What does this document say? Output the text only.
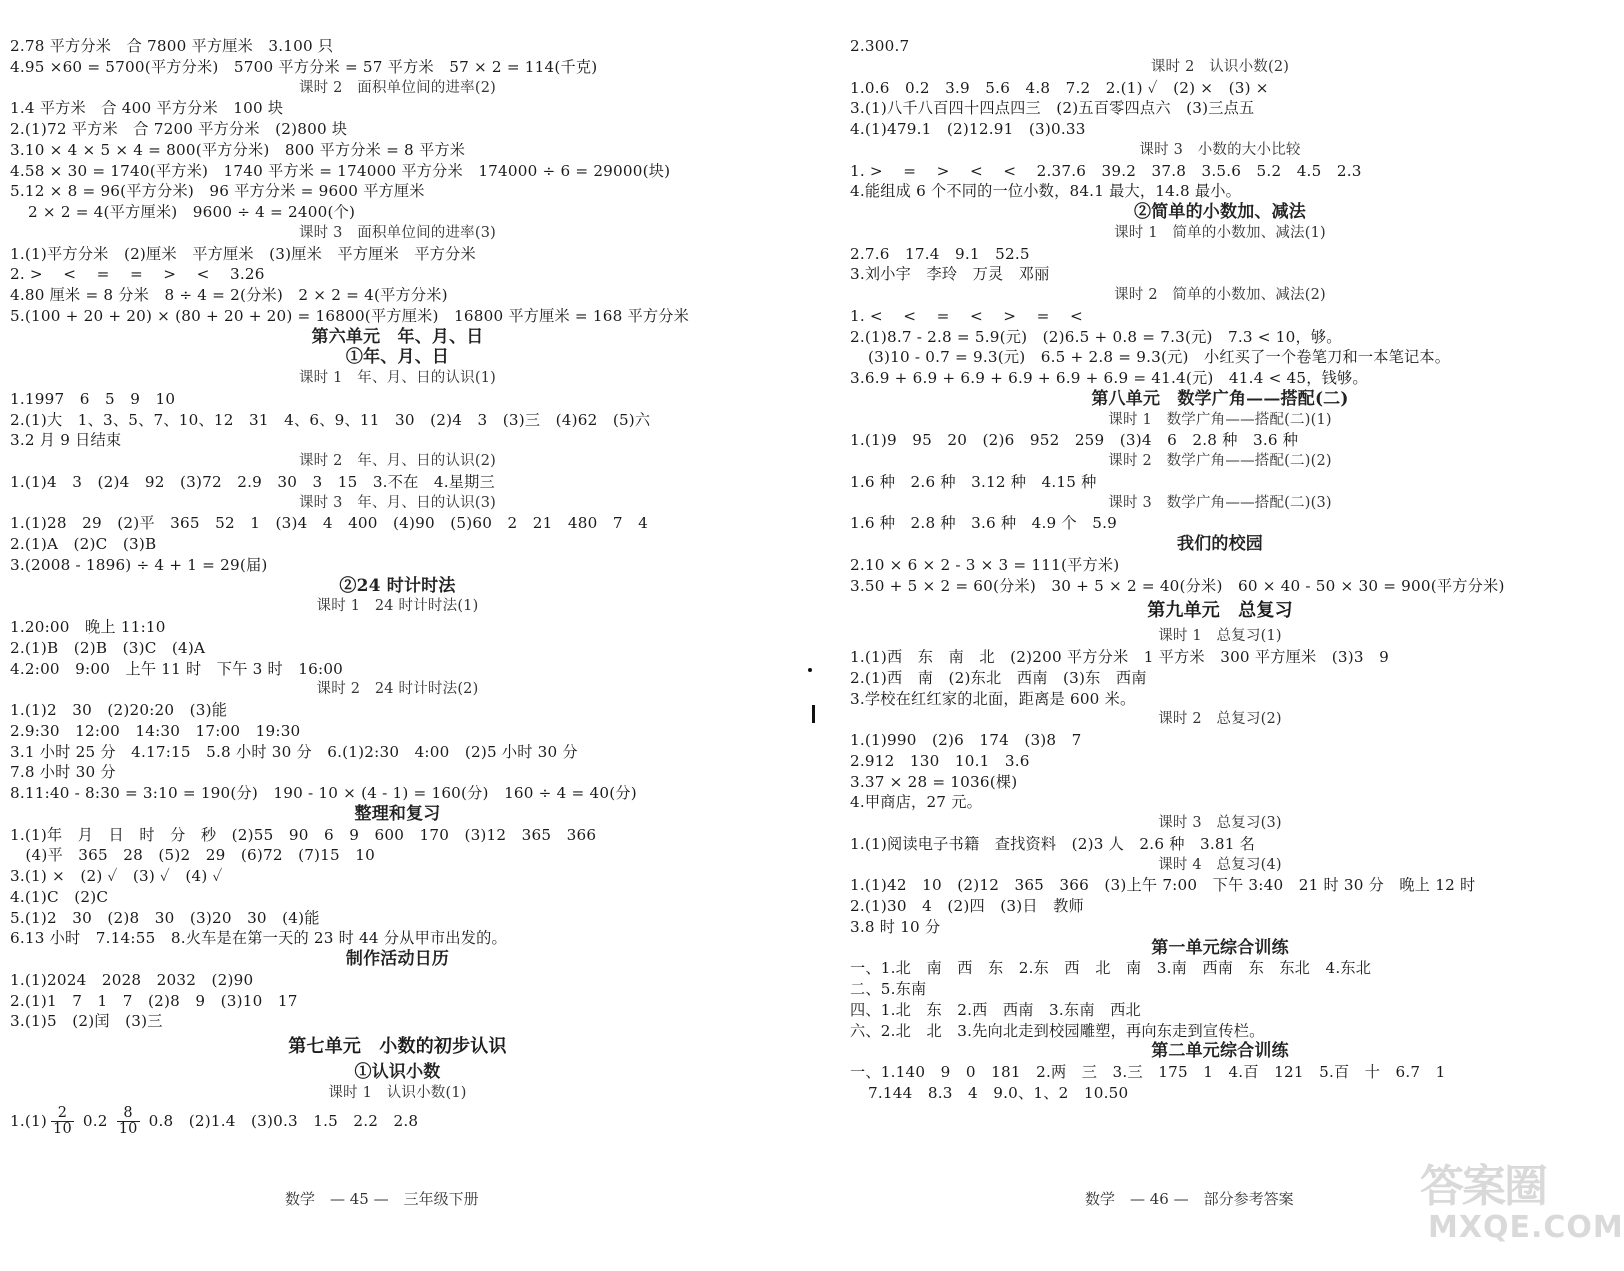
2.78 平方分米　合 7800 平方厘米　3.100 只
4.95 ×60 = 5700(平方分米)　5700 平方分米 = 57 平方米　57 × 2 = 114(千克)
课时 2　面积单位间的进率(2)
1.4 平方米　合 400 平方分米　100 块
2.(1)72 平方米　合 7200 平方分米　(2)800 块
3.10 × 4 × 5 × 4 = 800(平方分米)　800 平方分米 = 8 平方米
4.58 × 30 = 1740(平方米)　1740 平方米 = 174000 平方分米　174000 ÷ 6 = 29000(块)
5.12 × 8 = 96(平方分米)　96 平方分米 = 9600 平方厘米
2 × 2 = 4(平方厘米)　9600 ÷ 4 = 2400(个)
课时 3　面积单位间的进率(3)
1.(1)平方分米　(2)厘米　平方厘米　(3)厘米　平方厘米　平方分米
2. >　 <　 =　 =　 >　 <　 3.26
4.80 厘米 = 8 分米　8 ÷ 4 = 2(分米)　2 × 2 = 4(平方分米)
5.(100 + 20 + 20) × (80 + 20 + 20) = 16800(平方厘米)　16800 平方厘米 = 168 平方分米
第六单元　年、月、日
①年、月、日
课时 1　年、月、日的认识(1)
1.1997　6　5　9　10
2.(1)大　1、3、5、7、10、12　31　4、6、9、11　30　(2)4　3　(3)三　(4)62　(5)六
3.2 月 9 日结束
课时 2　年、月、日的认识(2)
1.(1)4　3　(2)4　92　(3)72　2.9　30　3　15　3.不在　4.星期三
课时 3　年、月、日的认识(3)
1.(1)28　29　(2)平　365　52　1　(3)4　4　400　(4)90　(5)60　2　21　480　7　4
2.(1)A　(2)C　(3)B
3.(2008 - 1896) ÷ 4 + 1 = 29(届)
②24 时计时法
课时 1　24 时计时法(1)
1.20:00　晚上 11:10
2.(1)B　(2)B　(3)C　(4)A
4.2:00　9:00　上午 11 时　下午 3 时　16:00
课时 2　24 时计时法(2)
1.(1)2　30　(2)20:20　(3)能
2.9:30　12:00　14:30　17:00　19:30
3.1 小时 25 分　4.17:15　5.8 小时 30 分　6.(1)2:30　4:00　(2)5 小时 30 分
7.8 小时 30 分
8.11:40 - 8:30 = 3:10 = 190(分)　190 - 10 × (4 - 1) = 160(分)　160 ÷ 4 = 40(分)
整理和复习
1.(1)年　月　日　时　分　秒　(2)55　90　6　9　600　170　(3)12　365　366
　(4)平　365　28　(5)2　29　(6)72　(7)15　10
3.(1) ×　(2) ✓　(3) ✓　(4) ✓
4.(1)C　(2)C
5.(1)2　30　(2)8　30　(3)20　30　(4)能
6.13 小时　7.14:55　8.火车是在第一天的 23 时 44 分从甲市出发的。
制作活动日历
1.(1)2024　2028　2032　(2)90
2.(1)1　7　1　7　(2)8　9　(3)10　17
3.(1)5　(2)闰　(3)三
第七单元　小数的初步认识
①认识小数
课时 1　认识小数(1)
$1.(1) \frac{2}{10} 0.2 \frac{8}{10} 0.8$　(2)1.4　(3)0.3　1.5　2.2　2.8
2.300.7
课时 2　认识小数(2)
1.0.6　0.2　3.9　5.6　4.8　7.2　2.(1) ✓　(2) ×　(3) ×
3.(1)八千八百四十四点四三　(2)五百零四点六　(3)三点五
4.(1)479.1　(2)12.91　(3)0.33
课时 3　小数的大小比较
1. >　 =　 >　 <　 <　 2.37.6　39.2　37.8　3.5.6　5.2　4.5　2.3
4.能组成 6 个不同的一位小数，84.1 最大，14.8 最小。
②简单的小数加、减法
课时 1　简单的小数加、减法(1)
2.7.6　17.4　9.1　52.5
3.刘小宇　李玲　万灵　邓丽
课时 2　简单的小数加、减法(2)
1. <　 <　 =　 <　 >　 =　 <
2.(1)8.7 - 2.8 = 5.9(元)　(2)6.5 + 0.8 = 7.3(元)　7.3 < 10，够。
(3)10 - 0.7 = 9.3(元)　6.5 + 2.8 = 9.3(元)　小红买了一个卷笔刀和一本笔记本。
3.6.9 + 6.9 + 6.9 + 6.9 + 6.9 + 6.9 = 41.4(元)　41.4 < 45，钱够。
第八单元　数学广角——搭配(二)
课时 1　数学广角——搭配(二)(1)
1.(1)9　95　20　(2)6　952　259　(3)4　6　2.8 种　3.6 种
课时 2　数学广角——搭配(二)(2)
1.6 种　2.6 种　3.12 种　4.15 种
课时 3　数学广角——搭配(二)(3)
1.6 种　2.8 种　3.6 种　4.9 个　5.9
我们的校园
2.10 × 6 × 2 - 3 × 3 = 111(平方米)
3.50 + 5 × 2 = 60(分米)　30 + 5 × 2 = 40(分米)　60 × 40 - 50 × 30 = 900(平方分米)
第九单元　总复习
课时 1　总复习(1)
1.(1)西　东　南　北　(2)200 平方分米　1 平方米　300 平方厘米　(3)3　9
2.(1)西　南　(2)东北　西南　(3)东　西南
3.学校在红红家的北面，距离是 600 米。
课时 2　总复习(2)
1.(1)990　(2)6　174　(3)8　7
2.912　130　10.1　3.6
3.37 × 28 = 1036(棵)
4.甲商店，27 元。
课时 3　总复习(3)
1.(1)阅读电子书籍　查找资料　(2)3 人　2.6 种　3.81 名
课时 4　总复习(4)
1.(1)42　10　(2)12　365　366　(3)上午 7:00　下午 3:40　21 时 30 分　晚上 12 时
2.(1)30　4　(2)四　(3)日　教师
3.8 时 10 分
第一单元综合训练
一、1.北　南　西　东　2.东　西　北　南　3.南　西南　东　东北　4.东北
二、5.东南
四、1.北　东　2.西　西南　3.东南　西北
六、2.北　北　3.先向北走到校园雕塑，再向东走到宣传栏。
第二单元综合训练
一、1.140　9　0　181　2.两　三　3.三　175　1　4.百　121　5.百　十　6.7　1
7.144　8.3　4　9.0、1、2　10.50
数学　— 45 —　三年级下册	数学　— 46 —　部分参考答案	答案圈
MXQE.COM
